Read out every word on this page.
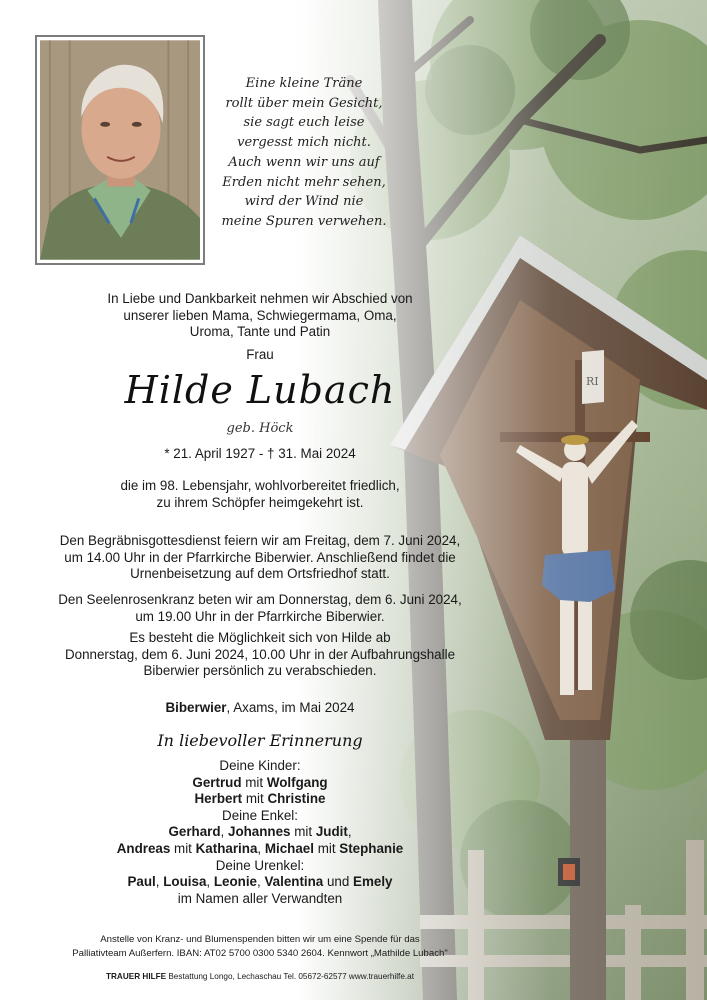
Eine kleine Träne
rollt über mein Gesicht,
sie sagt euch leise
vergesst mich nicht.
Auch wenn wir uns auf
Erden nicht mehr sehen,
wird der Wind nie
meine Spuren verwehen.

In Liebe und Dankbarkeit nehmen wir Abschied von

unserer lieben Mama, Schwiegermama, Oma,

Uroma, Tante und Patin

Frau

Hilde Lubach
geb. Höck
* 21. April 1927 - † 31. Mai 2024

die im 98. Lebensjahr, wohlvorbereitet friedlich,

zu ihrem Schöpfer heimgekehrt ist.

Den Begräbnisgottesdienst feiern wir am Freitag, dem 7. Juni 2024,

um 14.00 Uhr in der Pfarrkirche Biberwier. Anschließend findet die

Urnenbeisetzung auf dem Ortsfriedhof statt.

Den Seelenrosenkranz beten wir am Donnerstag, dem 6. Juni 2024,

um 19.00 Uhr in der Pfarrkirche Biberwier.

Es besteht die Möglichkeit sich von Hilde ab

Donnerstag, dem 6. Juni 2024, 10.00 Uhr in der Aufbahrungshalle

Biberwier persönlich zu verabschieden.

Biberwier, Axams, im Mai 2024
In liebevoller Erinnerung

Deine Kinder:

Gertrud mit Wolfgang

Herbert mit Christine

Deine Enkel:

Gerhard, Johannes mit Judit,

Andreas mit Katharina, Michael mit Stephanie

Deine Urenkel:

Paul, Louisa, Leonie, Valentina und Emely

im Namen aller Verwandten

Anstelle von Kranz- und Blumenspenden bitten wir um eine Spende für das

Palliativteam Außerfern. IBAN: AT02 5700 0300 5340 2604. Kennwort „Mathilde Lubach"

TRAUER HILFE Bestattung Longo, Lechaschau Tel. 05672-62577 www.trauerhilfe.at
